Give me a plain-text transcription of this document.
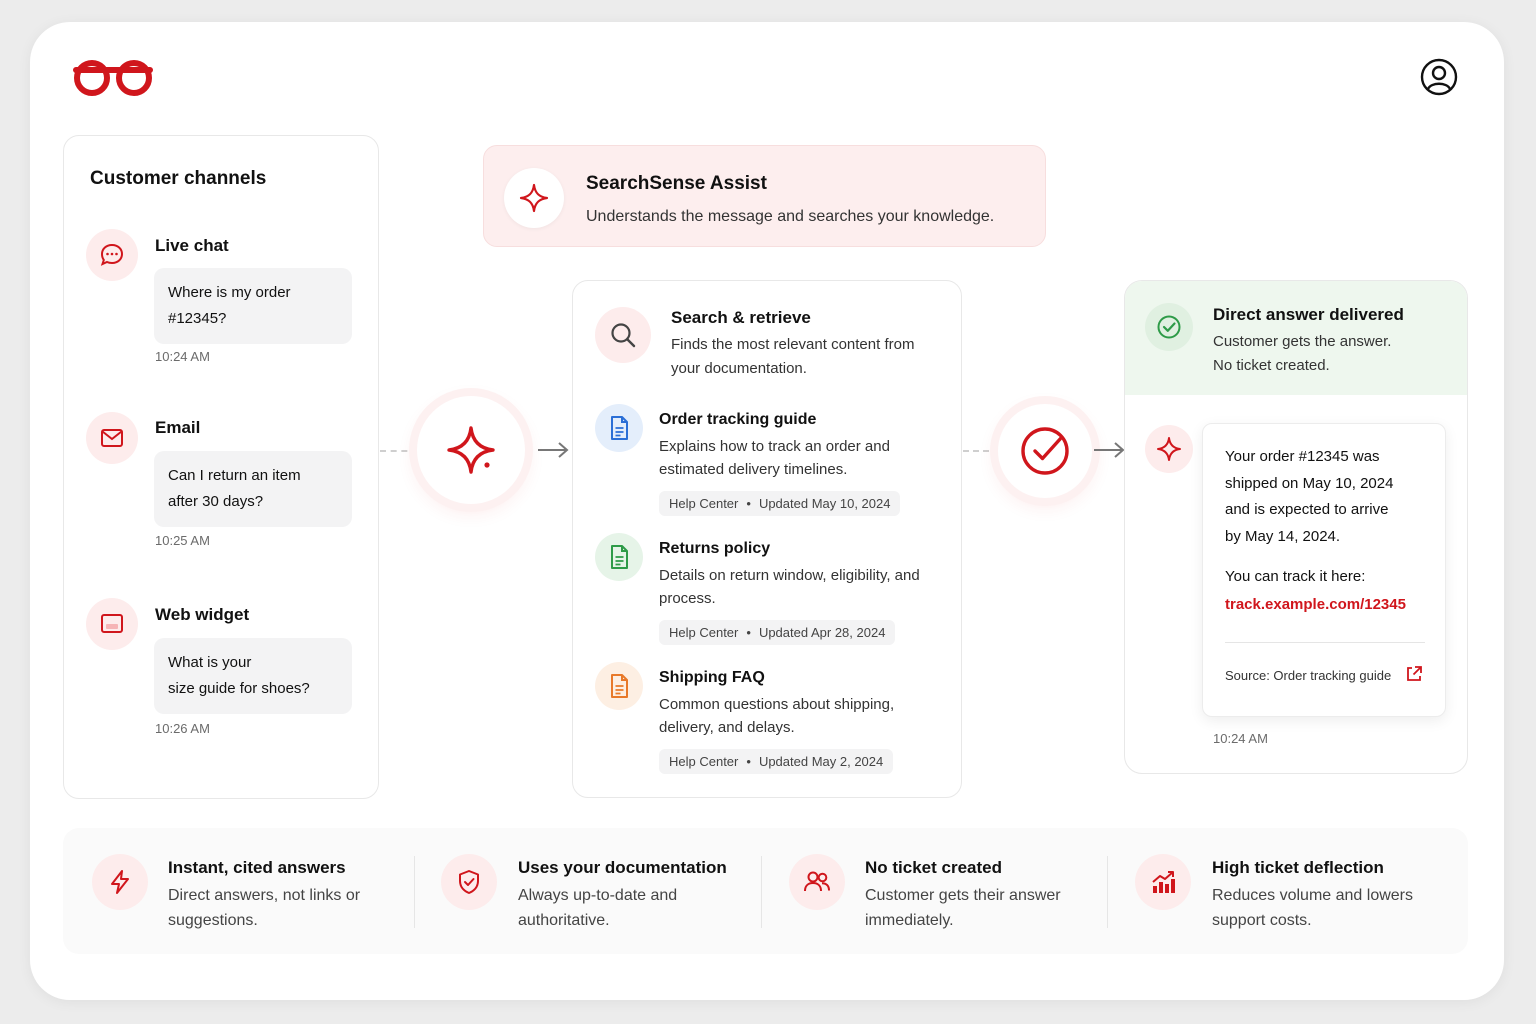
Customer channels
Live chat
Where is my order
#12345?
10:24 AM
Email
Can I return an item
after 30 days?
10:25 AM
Web widget
What is your
size guide for shoes?
10:26 AM
SearchSense Assist
Understands the message and searches your knowledge.
Search & retrieve
Finds the most relevant content from your documentation.
Order tracking guide
Explains how to track an order and estimated delivery timelines.
Help Center • Updated May 10, 2024
Returns policy
Details on return window, eligibility, and process.
Help Center • Updated Apr 28, 2024
Shipping FAQ
Common questions about shipping, delivery, and delays.
Help Center • Updated May 2, 2024
Direct answer delivered
Customer gets the answer.
No ticket created.
Your order #12345 was
shipped on May 10, 2024
and is expected to arrive
by May 14, 2024.
You can track it here:
track.example.com/12345
Source: Order tracking guide
10:24 AM
Instant, cited answers
Direct answers, not links or suggestions.
Uses your documentation
Always up-to-date and authoritative.
No ticket created
Customer gets their answer immediately.
High ticket deflection
Reduces volume and lowers support costs.
